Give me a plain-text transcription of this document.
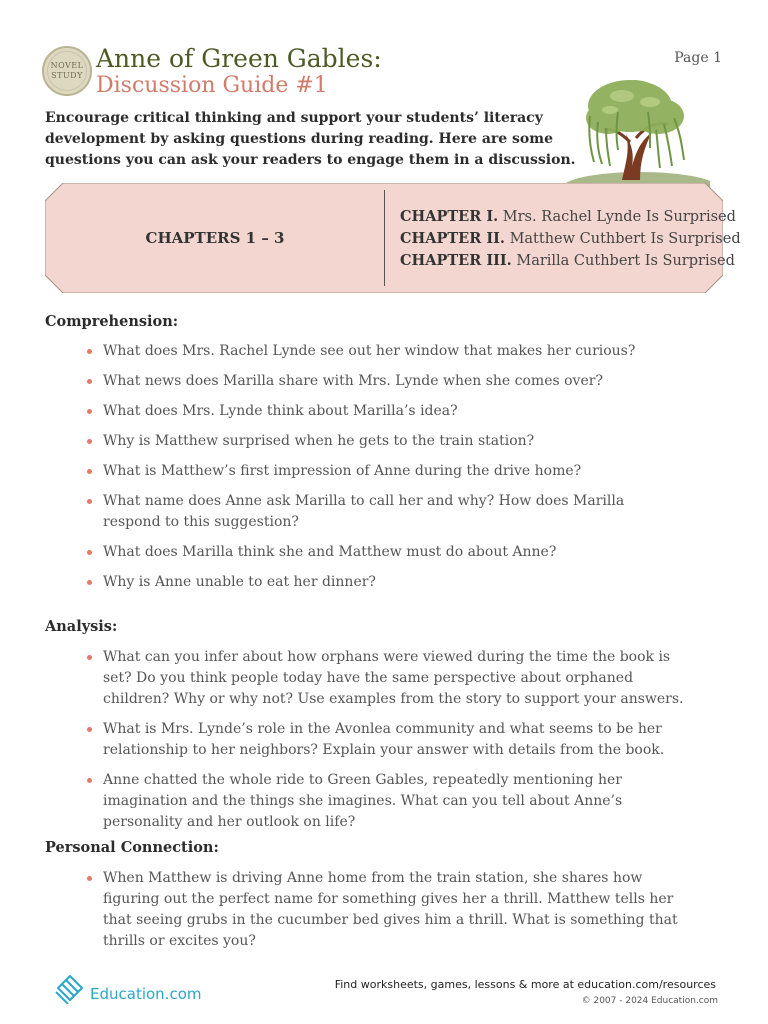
NOVEL
STUDY
Anne of Green Gables:
Discussion Guide #1
Page 1
Encourage critical thinking and support your students’ literacy development by asking questions during reading. Here are some questions you can ask your readers to engage them in a discussion.
CHAPTERS 1 – 3
CHAPTER I. Mrs. Rachel Lynde Is Surprised
CHAPTER II. Matthew Cuthbert Is Surprised
CHAPTER III. Marilla Cuthbert Is Surprised
Comprehension:
What does Mrs. Rachel Lynde see out her window that makes her curious?
What news does Marilla share with Mrs. Lynde when she comes over?
What does Mrs. Lynde think about Marilla’s idea?
Why is Matthew surprised when he gets to the train station?
What is Matthew’s first impression of Anne during the drive home?
What name does Anne ask Marilla to call her and why? How does Marilla respond to this suggestion?
What does Marilla think she and Matthew must do about Anne?
Why is Anne unable to eat her dinner?
Analysis:
What can you infer about how orphans were viewed during the time the book is set? Do you think people today have the same perspective about orphaned children? Why or why not? Use examples from the story to support your answers.
What is Mrs. Lynde’s role in the Avonlea community and what seems to be her relationship to her neighbors? Explain your answer with details from the book.
Anne chatted the whole ride to Green Gables, repeatedly mentioning her imagination and the things she imagines. What can you tell about Anne’s personality and her outlook on life?
Personal Connection:
When Matthew is driving Anne home from the train station, she shares how figuring out the perfect name for something gives her a thrill. Matthew tells her that seeing grubs in the cucumber bed gives him a thrill. What is something that thrills or excites you?
Education.com
Find worksheets, games, lessons & more at education.com/resources
© 2007 - 2024 Education.com
